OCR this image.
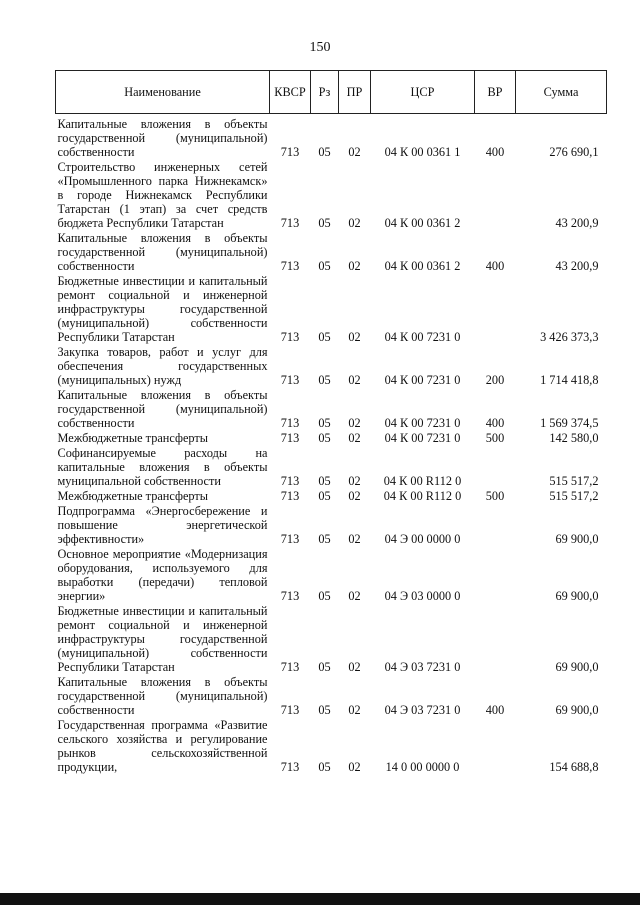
150
Наименование	КВСР	Рз	ПР	ЦСР	ВР	Сумма
Капитальные вложения в объекты государственной (муниципальной) собственности	713	05	02	04 К 00 0361 1	400	276 690,1
Строительство инженерных сетей «Промышленного парка Нижнекамск» в городе Нижнекамск Республики Татарстан (1 этап) за счет средств бюджета Республики Татарстан	713	05	02	04 К 00 0361 2		43 200,9
Капитальные вложения в объекты государственной (муниципальной) собственности	713	05	02	04 К 00 0361 2	400	43 200,9
Бюджетные инвестиции и капитальный ремонт социальной и инженерной инфраструктуры государственной (муниципальной) собственности Республики Татарстан	713	05	02	04 К 00 7231 0		3 426 373,3
Закупка товаров, работ и услуг для обеспечения государственных (муниципальных) нужд	713	05	02	04 К 00 7231 0	200	1 714 418,8
Капитальные вложения в объекты государственной (муниципальной) собственности	713	05	02	04 К 00 7231 0	400	1 569 374,5
Межбюджетные трансферты	713	05	02	04 К 00 7231 0	500	142 580,0
Софинансируемые расходы на капитальные вложения в объекты муниципальной собственности	713	05	02	04 К 00 R112 0		515 517,2
Межбюджетные трансферты	713	05	02	04 К 00 R112 0	500	515 517,2
Подпрограмма «Энергосбережение и повышение энергетической эффективности»	713	05	02	04 Э 00 0000 0		69 900,0
Основное мероприятие «Модернизация оборудования, используемого для выработки (передачи) тепловой энергии»	713	05	02	04 Э 03 0000 0		69 900,0
Бюджетные инвестиции и капитальный ремонт социальной и инженерной инфраструктуры государственной (муниципальной) собственности Республики Татарстан	713	05	02	04 Э 03 7231 0		69 900,0
Капитальные вложения в объекты государственной (муниципальной) собственности	713	05	02	04 Э 03 7231 0	400	69 900,0
Государственная программа «Развитие сельского хозяйства и регулирование рынков сельскохозяйственной продукции,	713	05	02	14 0 00 0000 0		154 688,8
